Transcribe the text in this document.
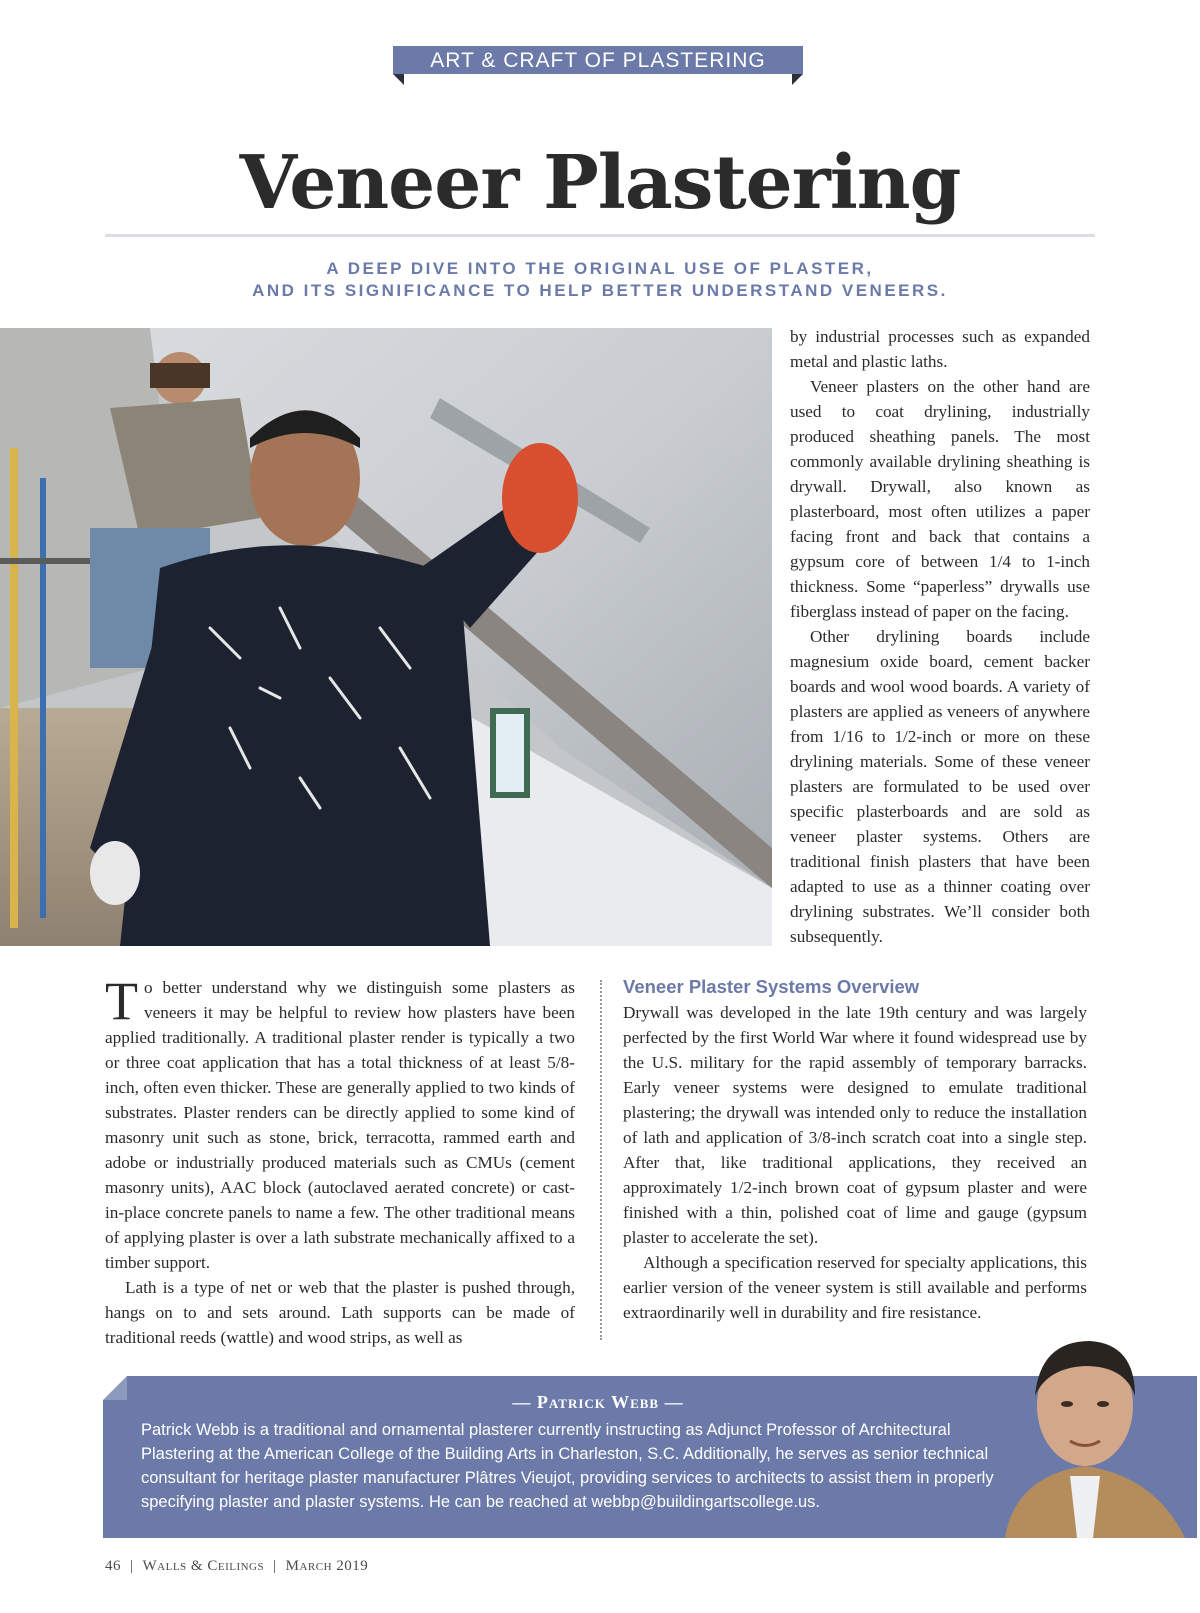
ART & CRAFT OF PLASTERING
Veneer Plastering
A DEEP DIVE INTO THE ORIGINAL USE OF PLASTER,
AND ITS SIGNIFICANCE TO HELP BETTER UNDERSTAND VENEERS.

by industrial processes such as expanded metal and plastic laths.

Veneer plasters on the other hand are used to coat drylining, industrially produced sheathing panels. The most commonly available drylining sheathing is drywall. Drywall, also known as plasterboard, most often utilizes a paper facing front and back that contains a gypsum core of between 1/4 to 1-inch thickness. Some “paperless” drywalls use fiberglass instead of paper on the facing.

Other drylining boards include magnesium oxide board, cement backer boards and wool wood boards. A variety of plasters are applied as veneers of anywhere from 1/16 to 1/2-inch or more on these drylining materials. Some of these veneer plasters are formulated to be used over specific plasterboards and are sold as veneer plaster systems. Others are traditional finish plasters that have been adapted to use as a thinner coating over drylining substrates. We’ll consider both subsequently.

To better understand why we distinguish some plasters as veneers it may be helpful to review how plasters have been applied traditionally. A traditional plaster render is typically a two or three coat application that has a total thickness of at least 5/8-inch, often even thicker. These are generally applied to two kinds of substrates. Plaster renders can be directly applied to some kind of masonry unit such as stone, brick, terracotta, rammed earth and adobe or industrially produced materials such as CMUs (cement masonry units), AAC block (autoclaved aerated concrete) or cast-in-place concrete panels to name a few. The other traditional means of applying plaster is over a lath substrate mechanically affixed to a timber support.

Lath is a type of net or web that the plaster is pushed through, hangs on to and sets around. Lath supports can be made of traditional reeds (wattle) and wood strips, as well as

Veneer Plaster Systems Overview

Drywall was developed in the late 19th century and was largely perfected by the first World War where it found widespread use by the U.S. military for the rapid assembly of temporary barracks. Early veneer systems were designed to emulate traditional plastering; the drywall was intended only to reduce the installation of lath and application of 3/8-inch scratch coat into a single step. After that, like traditional applications, they received an approximately 1/2-inch brown coat of gypsum plaster and were finished with a thin, polished coat of lime and gauge (gypsum plaster to accelerate the set).

Although a specification reserved for specialty applications, this earlier version of the veneer system is still available and performs extraordinarily well in durability and fire resistance.

— Patrick Webb —
Patrick Webb is a traditional and ornamental plasterer currently instructing as Adjunct Professor of Architectural Plastering at the American College of the Building Arts in Charleston, S.C. Additionally, he serves as senior technical consultant for heritage plaster manufacturer Plâtres Vieujot, providing services to architects to assist them in properly specifying plaster and plaster systems. He can be reached at webbp@buildingartscollege.us.
46 | Walls & Ceilings | March 2019
